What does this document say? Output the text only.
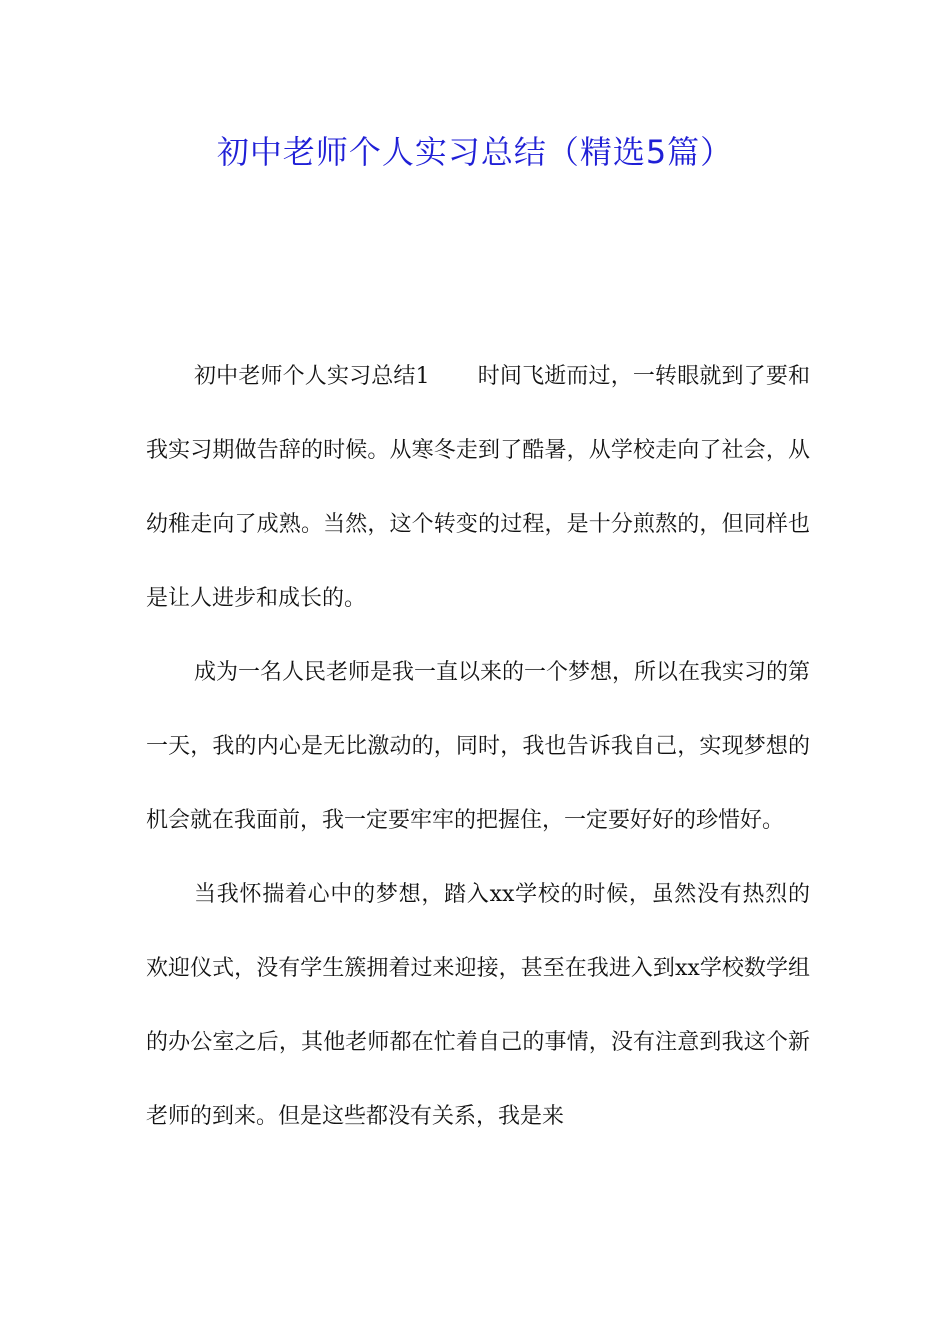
初中老师个人实习总结（精选5篇）

初中老师个人实习总结1 时间飞逝而过，一转眼就到了要和我实习期做告辞的时候。从寒冬走到了酷暑，从学校走向了社会，从幼稚走向了成熟。当然，这个转变的过程，是十分煎熬的，但同样也是让人进步和成长的。

成为一名人民老师是我一直以来的一个梦想，所以在我实习的第一天，我的内心是无比激动的，同时，我也告诉我自己，实现梦想的机会就在我面前，我一定要牢牢的把握住，一定要好好的珍惜好。

当我怀揣着心中的梦想，踏入xx学校的时候，虽然没有热烈的欢迎仪式，没有学生簇拥着过来迎接，甚至在我进入到xx学校数学组的办公室之后，其他老师都在忙着自己的事情，没有注意到我这个新老师的到来。但是这些都没有关系，我是来
